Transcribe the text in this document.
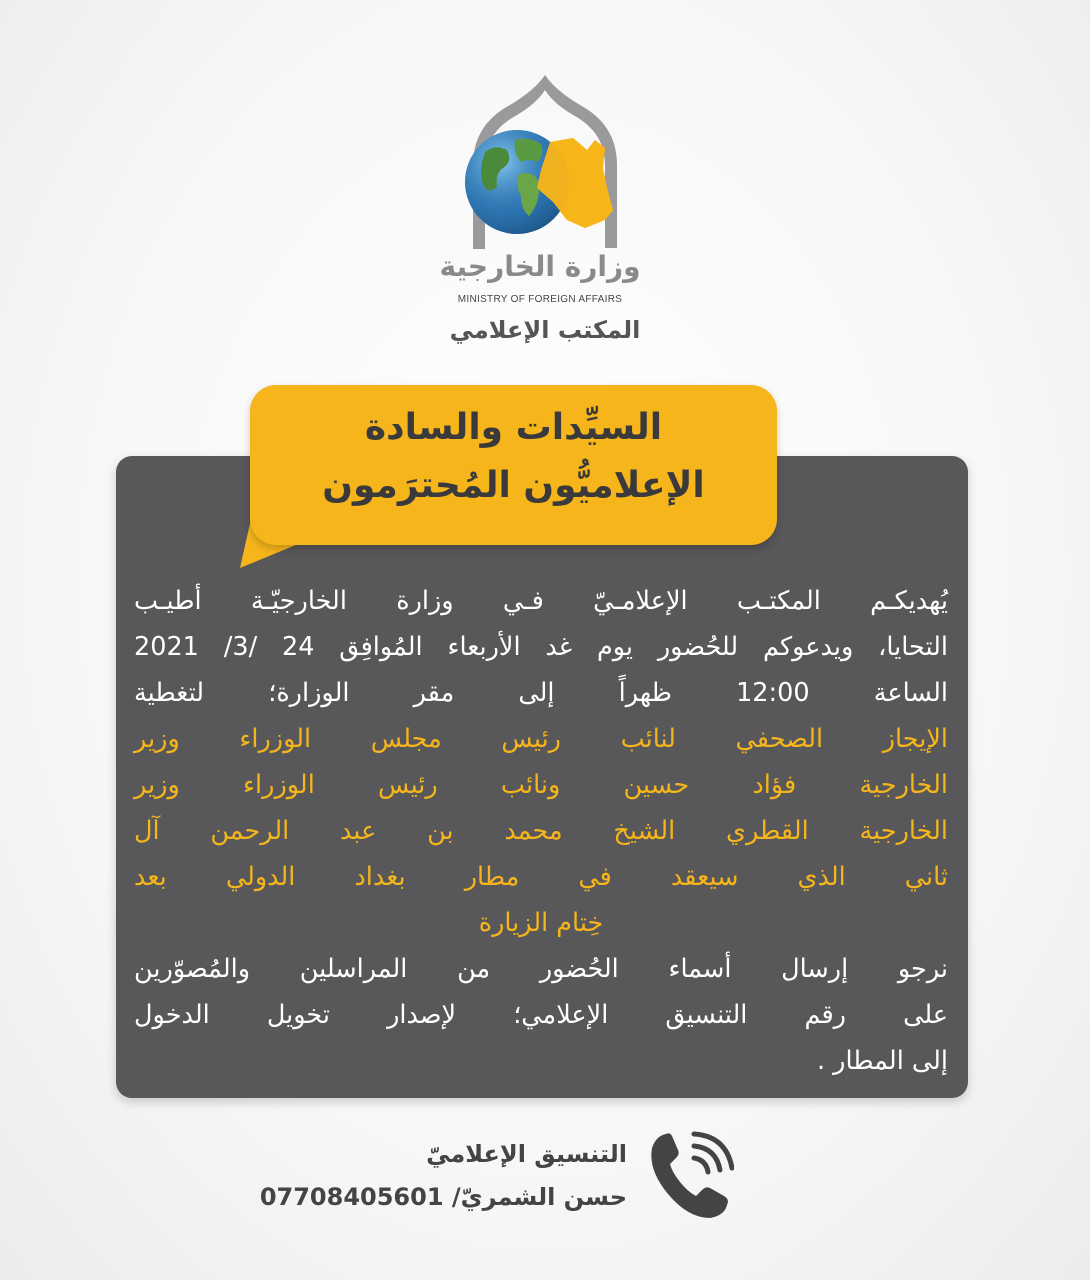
وزارة الخارجية
MINISTRY OF FOREIGN AFFAIRS
المكتب الإعلامي
السيِّدات والسادة
الإعلاميُّون المُحترَمون
يُهديكـم المكتـب الإعلامـيّ فـي وزارة الخارجيّـة أطيـب
التحايا، ويدعوكم للحُضور يوم غد الأربعاء المُوافِق 24 /3/ 2021
الساعة 12:00 ظهراً إلى مقر الوزارة؛ لتغطية
الإيجاز الصحفي لنائب رئيس مجلس الوزراء وزير
الخارجية فؤاد حسين ونائب رئيس الوزراء وزير
الخارجية القطري الشيخ محمد بن عبد الرحمن آل
ثاني الذي سيعقد في مطار بغداد الدولي بعد
خِتام الزيارة
نرجو إرسال أسماء الحُضور من المراسلين والمُصوّرين
على رقم التنسيق الإعلامي؛ لإصدار تخويل الدخول
إلى المطار .
التنسيق الإعلاميّ
حسن الشمريّ/ 07708405601
